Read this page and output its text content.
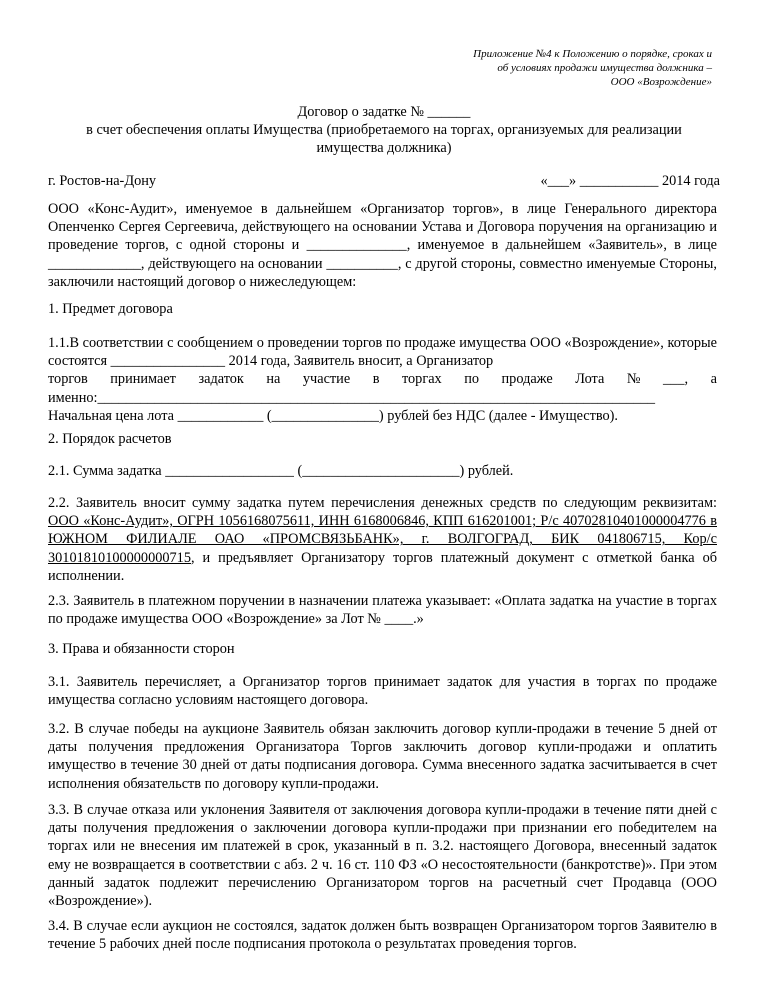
Приложение №4 к Положению о порядке, сроках и
об условиях продажи имущества должника –
ООО «Возрождение»
Договор о задатке № ______
в счет обеспечения оплаты Имущества (приобретаемого на торгах, организуемых для реализации
имущества должника)
г. Ростов-на-Дону	«___» ___________ 2014 года
ООО «Конс-Аудит», именуемое в дальнейшем «Организатор торгов», в лице Генерального директора Опенченко Сергея Сергеевича, действующего на основании Устава и Договора поручения на организацию и проведение торгов, с одной стороны и ______________, именуемое в дальнейшем «Заявитель», в лице _____________, действующего на основании __________, с другой стороны, совместно именуемые Стороны, заключили настоящий договор о нижеследующем:
1. Предмет договора
1.1.В соответствии с сообщением о проведении торгов по продаже имущества ООО «Возрождение», которые состоятся ________________ 2014 года, Заявитель вносит, а Организатор
торгов принимает задаток на участие в торгах по продаже Лота № ___, а
именно:______________________________________________________________________________
Начальная цена лота ____________ (_______________) рублей без НДС (далее - Имущество).
2. Порядок расчетов
2.1. Сумма задатка __________________ (______________________) рублей.
2.2. Заявитель вносит сумму задатка путем перечисления денежных средств по следующим реквизитам: ООО «Конс-Аудит», ОГРН 1056168075611, ИНН 6168006846, КПП 616201001; Р/с 40702810401000004776 в ЮЖНОМ ФИЛИАЛЕ ОАО «ПРОМСВЯЗЬБАНК», г. ВОЛГОГРАД, БИК 041806715, Кор/с 30101810100000000715, и предъявляет Организатору торгов платежный документ с отметкой банка об исполнении.
2.3. Заявитель в платежном поручении в назначении платежа указывает: «Оплата задатка на участие в торгах по продаже имущества ООО «Возрождение» за Лот № ____.»
3. Права и обязанности сторон
3.1. Заявитель перечисляет, а Организатор торгов принимает задаток для участия в торгах по продаже имущества согласно условиям настоящего договора.
3.2. В случае победы на аукционе Заявитель обязан заключить договор купли-продажи в течение 5 дней от даты получения предложения Организатора Торгов заключить договор купли-продажи и оплатить имущество в течение 30 дней от даты подписания договора. Сумма внесенного задатка засчитывается в счет исполнения обязательств по договору купли-продажи.
3.3. В случае отказа или уклонения Заявителя от заключения договора купли-продажи в течение пяти дней с даты получения предложения о заключении договора купли-продажи при признании его победителем на торгах или не внесения им платежей в срок, указанный в п. 3.2. настоящего Договора, внесенный задаток ему не возвращается в соответствии с абз. 2 ч. 16 ст. 110 ФЗ «О несостоятельности (банкротстве)». При этом данный задаток подлежит перечислению Организатором торгов на расчетный счет Продавца (ООО «Возрождение»).
3.4. В случае если аукцион не состоялся, задаток должен быть возвращен Организатором торгов Заявителю в течение 5 рабочих дней после подписания протокола о результатах проведения торгов.
